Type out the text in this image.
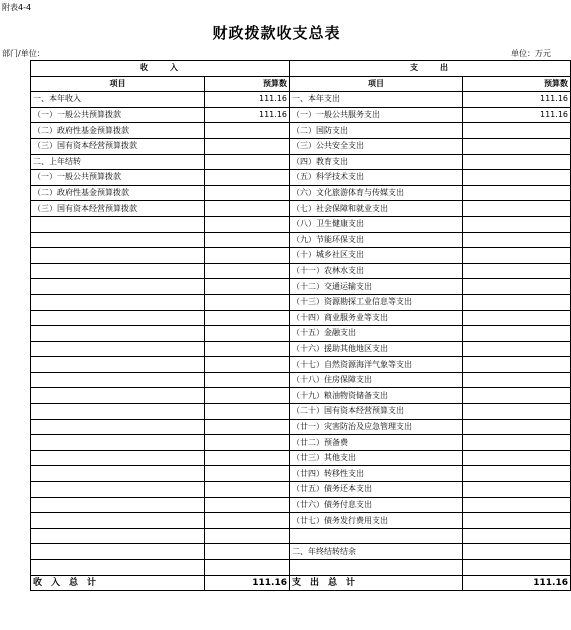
附表4-4
财政拨款收支总表
部门/单位：	单位：万元
收　　入		支　　出	
项目	预算数	项目	预算数
一、本年收入	111.16	一、本年支出	111.16
（一）一般公共预算拨款	111.16	（一）一般公共服务支出	111.16
（二）政府性基金预算拨款		（二）国防支出	
（三）国有资本经营预算拨款		（三）公共安全支出	
二、上年结转		（四）教育支出	
（一）一般公共预算拨款		（五）科学技术支出	
（二）政府性基金预算拨款		（六）文化旅游体育与传媒支出	
（三）国有资本经营预算拨款		（七）社会保障和就业支出	
		（八）卫生健康支出	
		（九）节能环保支出	
		（十）城乡社区支出	
		（十一）农林水支出	
		（十二）交通运输支出	
		（十三）资源勘探工业信息等支出	
		（十四）商业服务业等支出	
		（十五）金融支出	
		（十六）援助其他地区支出	
		（十七）自然资源海洋气象等支出	
		（十八）住房保障支出	
		（十九）粮油物资储备支出	
		（二十）国有资本经营预算支出	
		（廿一）灾害防治及应急管理支出	
		（廿二）预备费	
		（廿三）其他支出	
		（廿四）转移性支出	
		（廿五）债务还本支出	
		（廿六）债务付息支出	
		（廿七）债务发行费用支出	

		二、年终结转结余	

收入总计	111.16	支出总计	111.16
